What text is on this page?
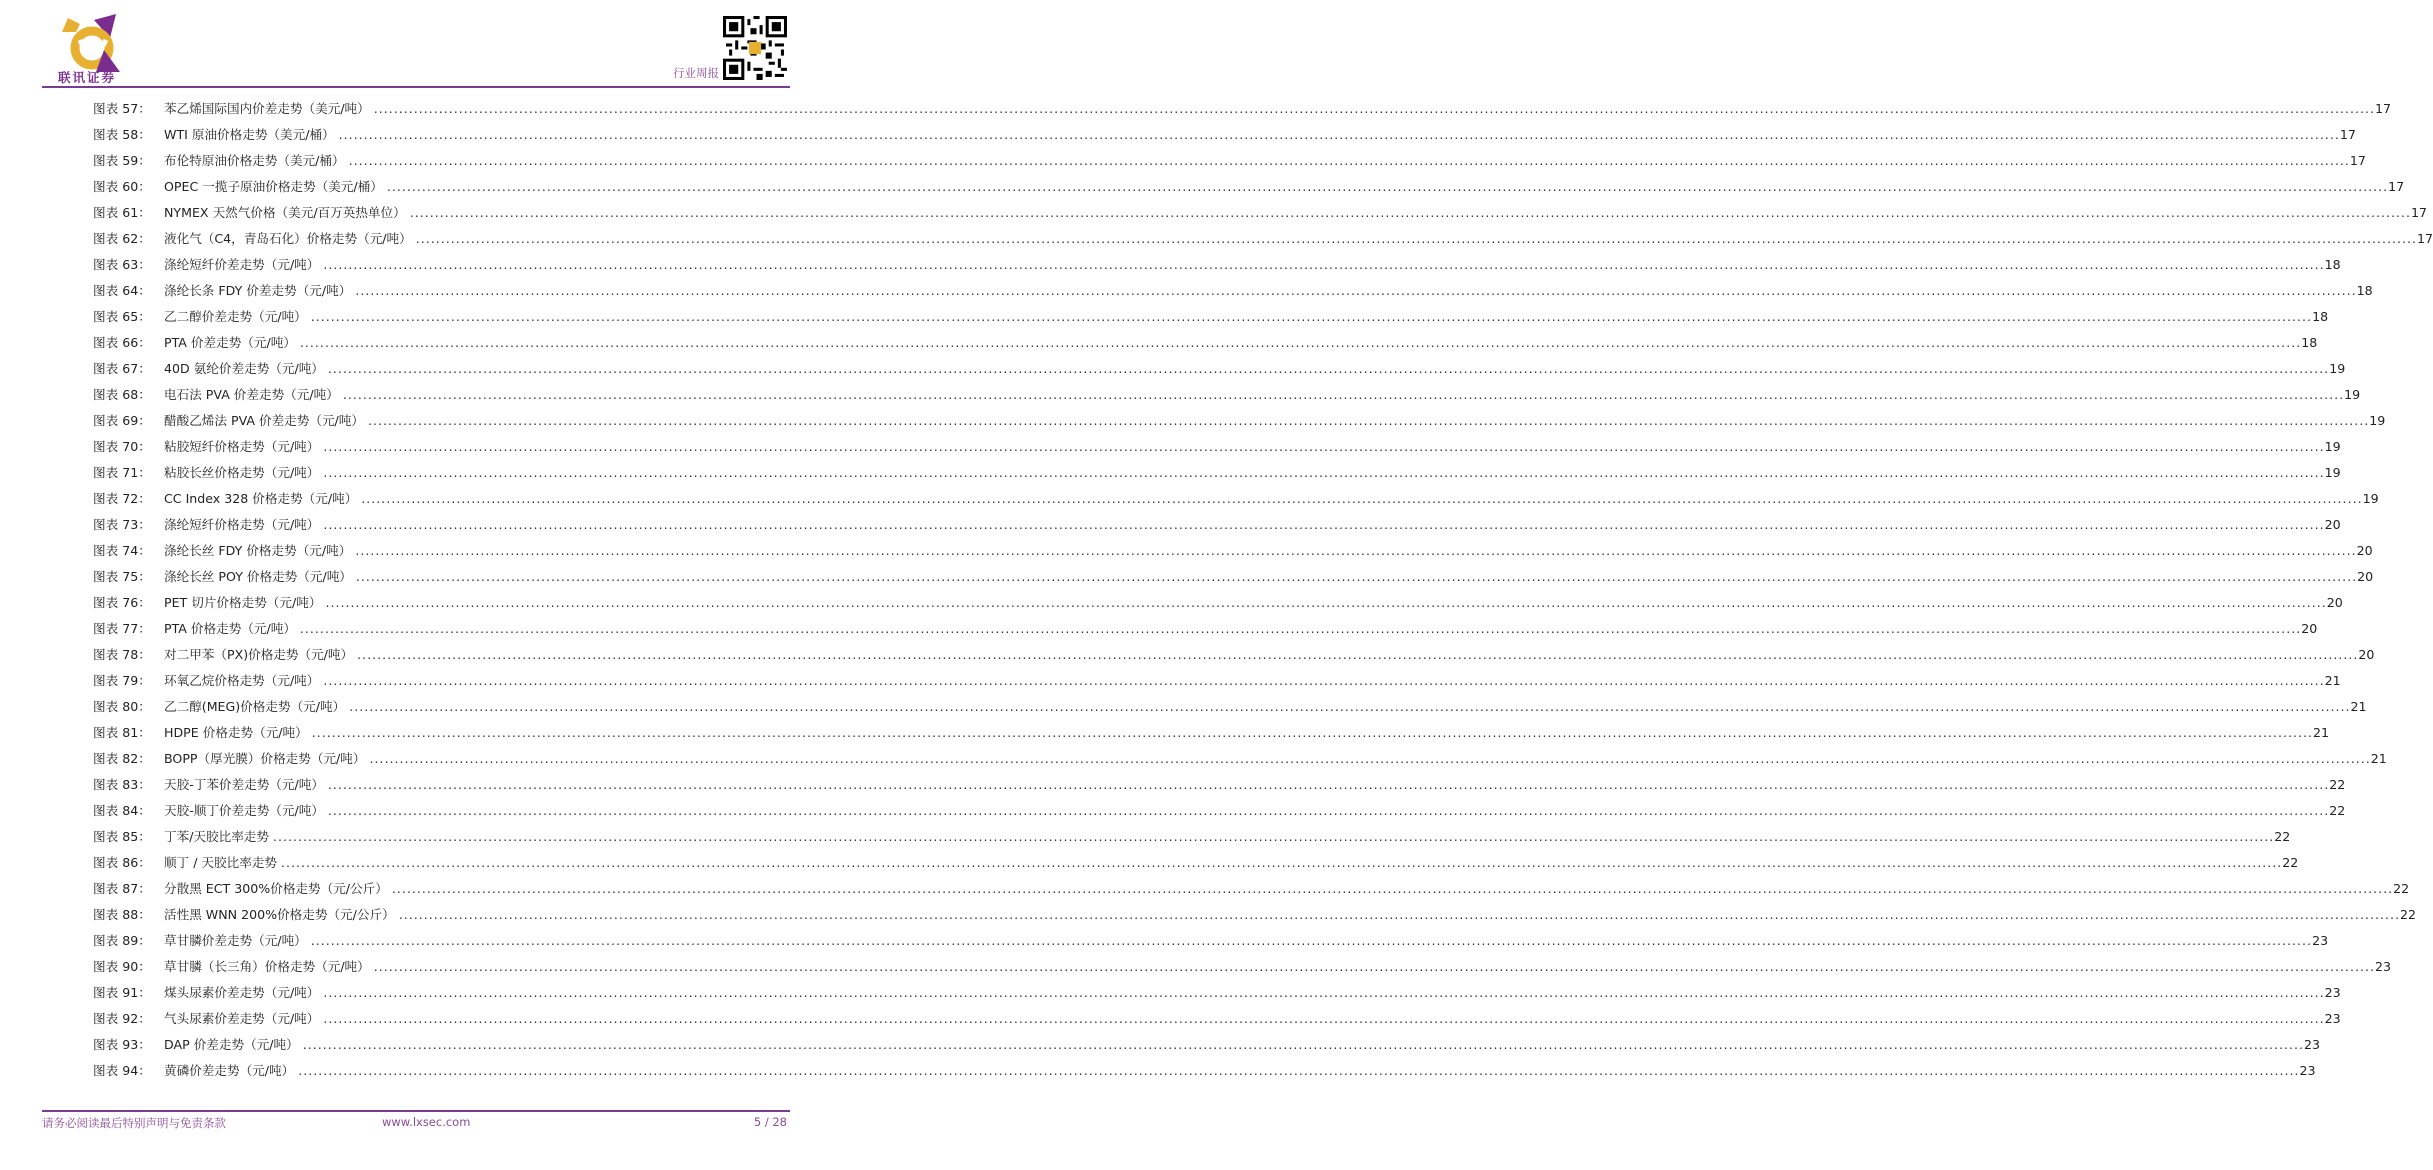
联讯证券	行业周报
图表 57： 苯乙烯国际国内价差走势（美元/吨） ................................................................................................................................................................................................................................................................................................................................................................................................................ 17
图表 58： WTI 原油价格走势（美元/桶） ................................................................................................................................................................................................................................................................................................................................................................................................................ 17
图表 59： 布伦特原油价格走势（美元/桶） ................................................................................................................................................................................................................................................................................................................................................................................................................ 17
图表 60： OPEC 一揽子原油价格走势（美元/桶） ................................................................................................................................................................................................................................................................................................................................................................................................................ 17
图表 61： NYMEX 天然气价格（美元/百万英热单位） ................................................................................................................................................................................................................................................................................................................................................................................................................ 17
图表 62： 液化气（C4，青岛石化）价格走势（元/吨） ................................................................................................................................................................................................................................................................................................................................................................................................................ 17
图表 63： 涤纶短纤价差走势（元/吨） ................................................................................................................................................................................................................................................................................................................................................................................................................ 18
图表 64： 涤纶长条 FDY 价差走势（元/吨） ................................................................................................................................................................................................................................................................................................................................................................................................................ 18
图表 65： 乙二醇价差走势（元/吨） ................................................................................................................................................................................................................................................................................................................................................................................................................ 18
图表 66： PTA 价差走势（元/吨） ................................................................................................................................................................................................................................................................................................................................................................................................................ 18
图表 67： 40D 氨纶价差走势（元/吨） ................................................................................................................................................................................................................................................................................................................................................................................................................ 19
图表 68： 电石法 PVA 价差走势（元/吨） ................................................................................................................................................................................................................................................................................................................................................................................................................ 19
图表 69： 醋酸乙烯法 PVA 价差走势（元/吨） ................................................................................................................................................................................................................................................................................................................................................................................................................ 19
图表 70： 粘胶短纤价格走势（元/吨） ................................................................................................................................................................................................................................................................................................................................................................................................................ 19
图表 71： 粘胶长丝价格走势（元/吨） ................................................................................................................................................................................................................................................................................................................................................................................................................ 19
图表 72： CC Index 328 价格走势（元/吨） ................................................................................................................................................................................................................................................................................................................................................................................................................ 19
图表 73： 涤纶短纤价格走势（元/吨） ................................................................................................................................................................................................................................................................................................................................................................................................................ 20
图表 74： 涤纶长丝 FDY 价格走势（元/吨） ................................................................................................................................................................................................................................................................................................................................................................................................................ 20
图表 75： 涤纶长丝 POY 价格走势（元/吨） ................................................................................................................................................................................................................................................................................................................................................................................................................ 20
图表 76： PET 切片价格走势（元/吨） ................................................................................................................................................................................................................................................................................................................................................................................................................ 20
图表 77： PTA 价格走势（元/吨） ................................................................................................................................................................................................................................................................................................................................................................................................................ 20
图表 78： 对二甲苯（PX)价格走势（元/吨） ................................................................................................................................................................................................................................................................................................................................................................................................................ 20
图表 79： 环氧乙烷价格走势（元/吨） ................................................................................................................................................................................................................................................................................................................................................................................................................ 21
图表 80： 乙二醇(MEG)价格走势（元/吨） ................................................................................................................................................................................................................................................................................................................................................................................................................ 21
图表 81： HDPE 价格走势（元/吨） ................................................................................................................................................................................................................................................................................................................................................................................................................ 21
图表 82： BOPP（厚光膜）价格走势（元/吨） ................................................................................................................................................................................................................................................................................................................................................................................................................ 21
图表 83： 天胶-丁苯价差走势（元/吨） ................................................................................................................................................................................................................................................................................................................................................................................................................ 22
图表 84： 天胶-顺丁价差走势（元/吨） ................................................................................................................................................................................................................................................................................................................................................................................................................ 22
图表 85： 丁苯/天胶比率走势 ................................................................................................................................................................................................................................................................................................................................................................................................................ 22
图表 86： 顺丁 / 天胶比率走势 ................................................................................................................................................................................................................................................................................................................................................................................................................ 22
图表 87： 分散黑 ECT 300%价格走势（元/公斤） ................................................................................................................................................................................................................................................................................................................................................................................................................ 22
图表 88： 活性黑 WNN 200%价格走势（元/公斤） ................................................................................................................................................................................................................................................................................................................................................................................................................ 22
图表 89： 草甘膦价差走势（元/吨） ................................................................................................................................................................................................................................................................................................................................................................................................................ 23
图表 90： 草甘膦（长三角）价格走势（元/吨） ................................................................................................................................................................................................................................................................................................................................................................................................................ 23
图表 91： 煤头尿素价差走势（元/吨） ................................................................................................................................................................................................................................................................................................................................................................................................................ 23
图表 92： 气头尿素价差走势（元/吨） ................................................................................................................................................................................................................................................................................................................................................................................................................ 23
图表 93： DAP 价差走势（元/吨） ................................................................................................................................................................................................................................................................................................................................................................................................................ 23
图表 94： 黄磷价差走势（元/吨） ................................................................................................................................................................................................................................................................................................................................................................................................................ 23
请务必阅读最后特别声明与免责条款	www.lxsec.com	5 / 28
